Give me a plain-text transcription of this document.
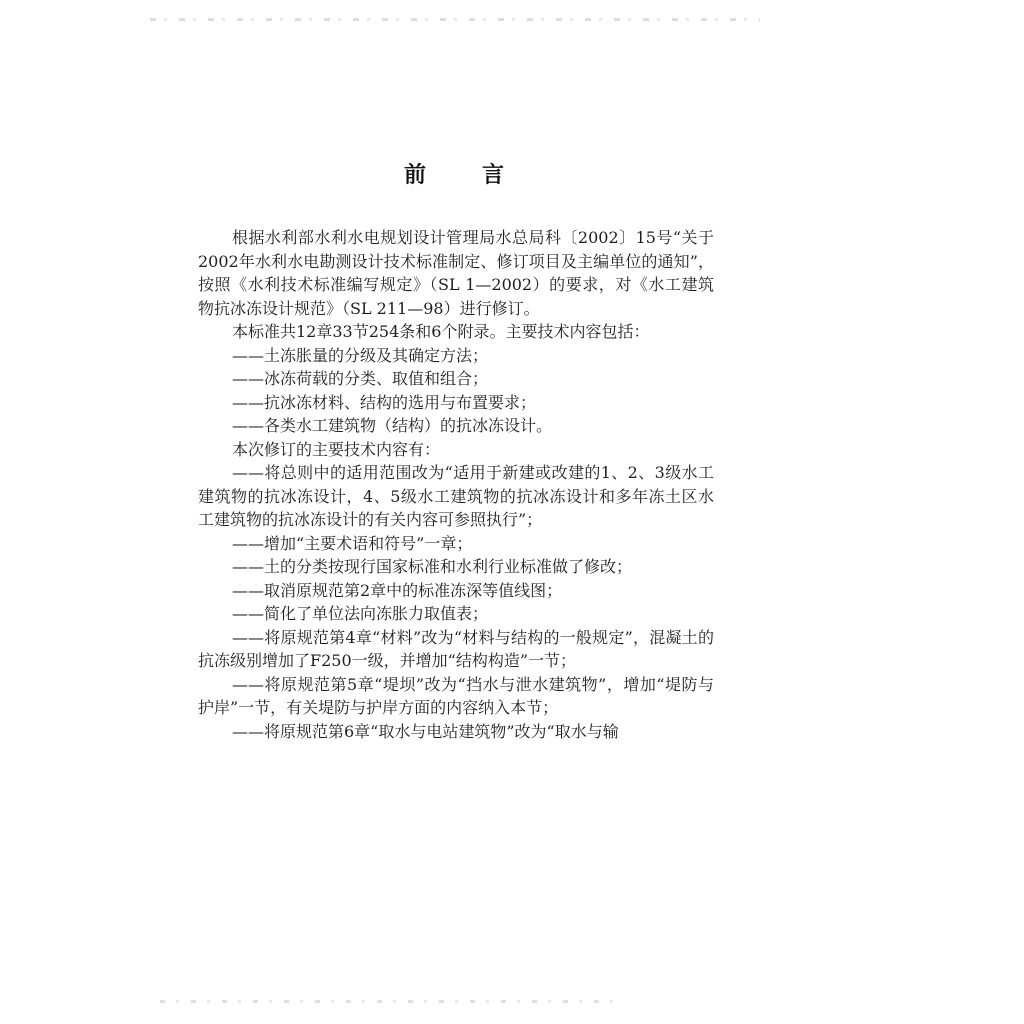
前	言

根据水利部水利水电规划设计管理局水总局科〔2002〕15号“关于2002年水利水电勘测设计技术标准制定、修订项目及主编单位的通知”，按照《水利技术标准编写规定》（SL 1—2002）的要求，对《水工建筑物抗冰冻设计规范》（SL 211—98）进行修订。

本标准共12章33节254条和6个附录。主要技术内容包括：

——土冻胀量的分级及其确定方法；

——冰冻荷载的分类、取值和组合；

——抗冰冻材料、结构的选用与布置要求；

——各类水工建筑物（结构）的抗冰冻设计。

本次修订的主要技术内容有：

——将总则中的适用范围改为“适用于新建或改建的1、2、3级水工建筑物的抗冰冻设计，4、5级水工建筑物的抗冰冻设计和多年冻土区水工建筑物的抗冰冻设计的有关内容可参照执行”；

——增加“主要术语和符号”一章；

——土的分类按现行国家标准和水利行业标准做了修改；

——取消原规范第2章中的标准冻深等值线图；

——简化了单位法向冻胀力取值表；

——将原规范第4章“材料”改为“材料与结构的一般规定”，混凝土的抗冻级别增加了F250一级，并增加“结构构造”一节；

——将原规范第5章“堤坝”改为“挡水与泄水建筑物”，增加“堤防与护岸”一节，有关堤防与护岸方面的内容纳入本节；

——将原规范第6章“取水与电站建筑物”改为“取水与输
